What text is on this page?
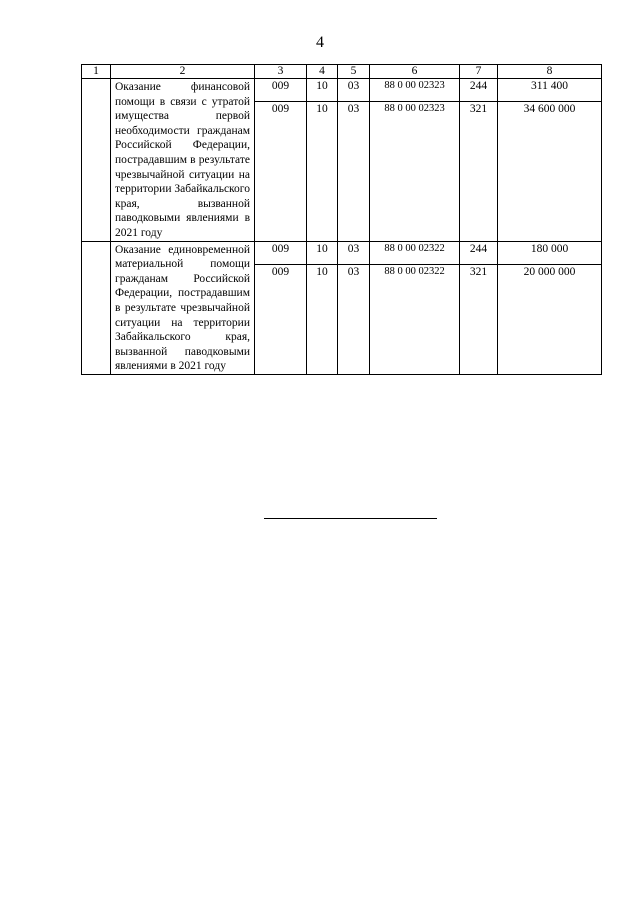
4
1	2	3	4	5	6	7	8
	Оказание финансовой помощи в связи с утратой имущества первой необходимости гражданам Российской Федерации, пострадавшим в результате чрезвычайной ситуации на территории Забайкальского края, вызванной паводковыми явлениями в 2021 году	009	10	03	88 0 00 02323	244	311 400
		009	10	03	88 0 00 02323	321	34 600 000
	Оказание единовременной материальной помощи гражданам Российской Федерации, пострадавшим в результате чрезвычайной ситуации на территории Забайкальского края, вызванной паводковыми явлениями в 2021 году	009	10	03	88 0 00 02322	244	180 000
		009	10	03	88 0 00 02322	321	20 000 000
